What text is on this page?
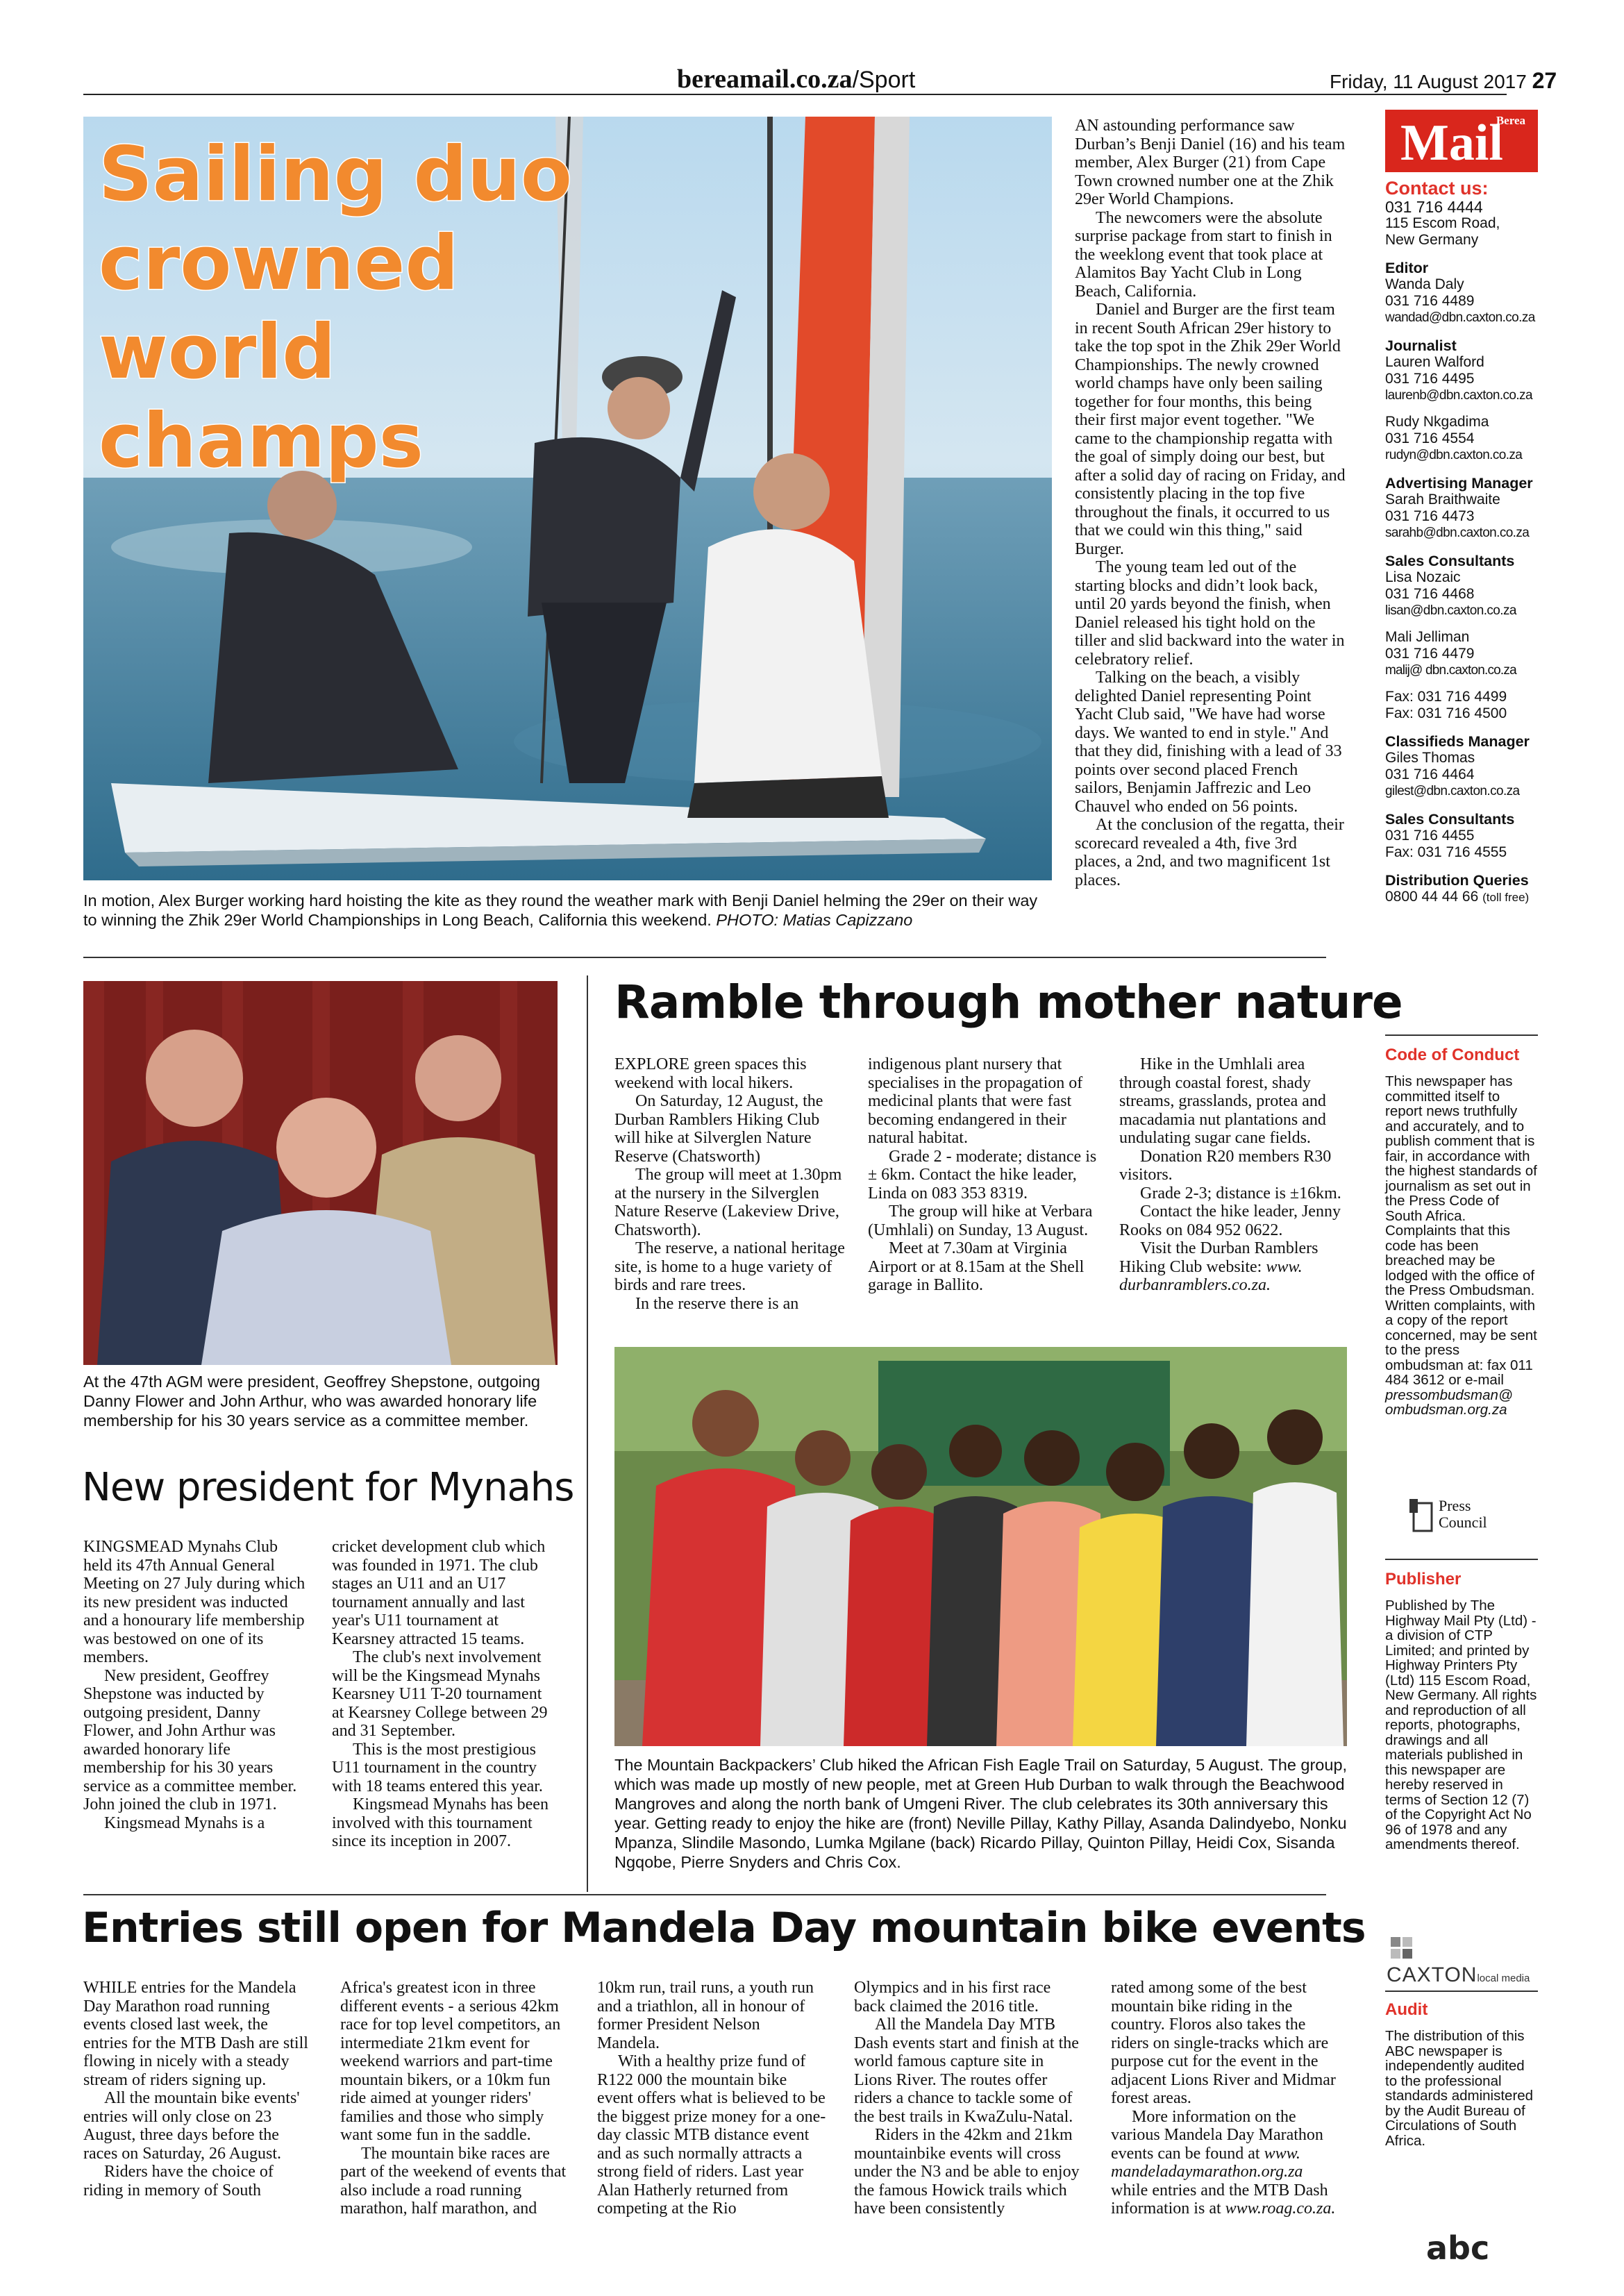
bereamail.co.za/Sport	Friday, 11 August 2017 27
Sailing duo
crowned
world
champs
In motion, Alex Burger working hard hoisting the kite as they round the weather mark with Benji Daniel helming the 29er on their way to winning the Zhik 29er World Championships in Long Beach, California this weekend. PHOTO: Matias Capizzano

AN astounding performance saw Durban’s Benji Daniel (16) and his team member, Alex Burger (21) from Cape Town crowned number one at the Zhik 29er World Champions.

The newcomers were the absolute surprise package from start to finish in the weeklong event that took place at Alamitos Bay Yacht Club in Long Beach, California.

Daniel and Burger are the first team in recent South African 29er history to take the top spot in the Zhik 29er World Championships. The newly crowned world champs have only been sailing together for four months, this being their first major event together. "We came to the championship regatta with the goal of simply doing our best, but after a solid day of racing on Friday, and consistently placing in the top five throughout the finals, it occurred to us that we could win this thing," said Burger.

The young team led out of the starting blocks and didn’t look back, until 20 yards beyond the finish, when Daniel released his tight hold on the tiller and slid backward into the water in celebratory relief.

Talking on the beach, a visibly delighted Daniel representing Point Yacht Club said, "We have had worse days. We wanted to end in style." And that they did, finishing with a lead of 33 points over second placed French sailors, Benjamin Jaffrezic and Leo Chauvel who ended on 56 points.

At the conclusion of the regatta, their scorecard revealed a 4th, five 3rd places, a 2nd, and two magnificent 1st places.

At the 47th AGM were president, Geoffrey Shepstone, outgoing Danny Flower and John Arthur, who was awarded honorary life membership for his 30 years service as a committee member.
New president for Mynahs

KINGSMEAD Mynahs Club held its 47th Annual General Meeting on 27 July during which its new president was inducted and a honourary life membership was bestowed on one of its members.

New president, Geoffrey Shepstone was inducted by outgoing president, Danny Flower, and John Arthur was awarded honorary life membership for his 30 years service as a committee member. John joined the club in 1971.

Kingsmead Mynahs is a

cricket development club which was founded in 1971. The club stages an U11 and an U17 tournament annually and last year's U11 tournament at Kearsney attracted 15 teams.

The club's next involvement will be the Kingsmead Mynahs Kearsney U11 T-20 tournament at Kearsney College between 29 and 31 September.

This is the most prestigious U11 tournament in the country with 18 teams entered this year.

Kingsmead Mynahs has been involved with this tournament since its inception in 2007.

Ramble through mother nature

EXPLORE green spaces this weekend with local hikers.

On Saturday, 12 August, the Durban Ramblers Hiking Club will hike at Silverglen Nature Reserve (Chatsworth)

The group will meet at 1.30pm at the nursery in the Silverglen Nature Reserve (Lakeview Drive, Chatsworth).

The reserve, a national heritage site, is home to a huge variety of birds and rare trees.

In the reserve there is an

indigenous plant nursery that specialises in the propagation of medicinal plants that were fast becoming endangered in their natural habitat.

Grade 2 - moderate; distance is ± 6km. Contact the hike leader, Linda on 083 353 8319.

The group will hike at Verbara (Umhlali) on Sunday, 13 August.

Meet at 7.30am at Virginia Airport or at 8.15am at the Shell garage in Ballito.

Hike in the Umhlali area through coastal forest, shady streams, grasslands, protea and macadamia nut plantations and undulating sugar cane fields.

Donation R20 members R30 visitors.

Grade 2-3; distance is ±16km.

Contact the hike leader, Jenny Rooks on 084 952 0622.

Visit the Durban Ramblers Hiking Club website: www. durbanramblers.co.za.

The Mountain Backpackers’ Club hiked the African Fish Eagle Trail on Saturday, 5 August. The group, which was made up mostly of new people, met at Green Hub Durban to walk through the Beachwood Mangroves and along the north bank of Umgeni River. The club celebrates its 30th anniversary this year. Getting ready to enjoy the hike are (front) Neville Pillay, Kathy Pillay, Asanda Dalindyebo, Nonku Mpanza, Slindile Masondo, Lumka Mgilane (back) Ricardo Pillay, Quinton Pillay, Heidi Cox, Sisanda Ngqobe, Pierre Snyders and Chris Cox.
Entries still open for Mandela Day mountain bike events

WHILE entries for the Mandela Day Marathon road running events closed last week, the entries for the MTB Dash are still flowing in nicely with a steady stream of riders signing up.

All the mountain bike events' entries will only close on 23 August, three days before the races on Saturday, 26 August.

Riders have the choice of riding in memory of South

Africa's greatest icon in three different events - a serious 42km race for top level competitors, an intermediate 21km event for weekend warriors and part-time mountain bikers, or a 10km fun ride aimed at younger riders' families and those who simply want some fun in the saddle.

The mountain bike races are part of the weekend of events that also include a road running marathon, half marathon, and

10km run, trail runs, a youth run and a triathlon, all in honour of former President Nelson Mandela.

With a healthy prize fund of R122 000 the mountain bike event offers what is believed to be the biggest prize money for a one-day classic MTB distance event and as such normally attracts a strong field of riders. Last year Alan Hatherly returned from competing at the Rio

Olympics and in his first race back claimed the 2016 title.

All the Mandela Day MTB Dash events start and finish at the world famous capture site in Lions River. The routes offer riders a chance to tackle some of the best trails in KwaZulu-Natal.

Riders in the 42km and 21km mountainbike events will cross under the N3 and be able to enjoy the famous Howick trails which have been consistently

rated among some of the best mountain bike riding in the country. Floros also takes the riders on single-tracks which are purpose cut for the event in the adjacent Lions River and Midmar forest areas.

More information on the various Mandela Day Marathon events can be found at www. mandeladaymarathon.org.za while entries and the MTB Dash information is at www.roag.co.za.

Berea
Mail
Contact us:
031 716 4444
115 Escom Road,
New Germany
Editor
Wanda Daly
031 716 4489
wandad@dbn.caxton.co.za
Journalist
Lauren Walford
031 716 4495
laurenb@dbn.caxton.co.za
Rudy Nkgadima
031 716 4554
rudyn@dbn.caxton.co.za
Advertising Manager
Sarah Braithwaite
031 716 4473
sarahb@dbn.caxton.co.za
Sales Consultants
Lisa Nozaic
031 716 4468
lisan@dbn.caxton.co.za
Mali Jelliman
031 716 4479
malij@ dbn.caxton.co.za
Fax: 031 716 4499
Fax: 031 716 4500
Classifieds Manager
Giles Thomas
031 716 4464
gilest@dbn.caxton.co.za
Sales Consultants
031 716 4455
Fax: 031 716 4555
Distribution Queries
0800 44 44 66 (toll free)
Code of Conduct
This newspaper has committed itself to report news truthfully and accurately, and to publish comment that is fair, in accordance with the highest standards of journalism as set out in the Press Code of South Africa. Complaints that this code has been breached may be lodged with the office of the Press Ombudsman. Written complaints, with a copy of the report concerned, may be sent to the press ombudsman at: fax 011 484 3612 or e-mail pressombudsman@ ombudsman.org.za
Press
Council
Publisher
Published by The Highway Mail Pty (Ltd) - a division of CTP Limited; and printed by Highway Printers Pty (Ltd) 115 Escom Road, New Germany. All rights and reproduction of all reports, photographs, drawings and all materials published in this newspaper are hereby reserved in terms of Section 12 (7) of the Copyright Act No 96 of 1978 and any amendments thereof.
CAXTONlocal media
Audit
The distribution of this ABC newspaper is independently audited to the professional standards administered by the Audit Bureau of Circulations of South Africa.
abc
